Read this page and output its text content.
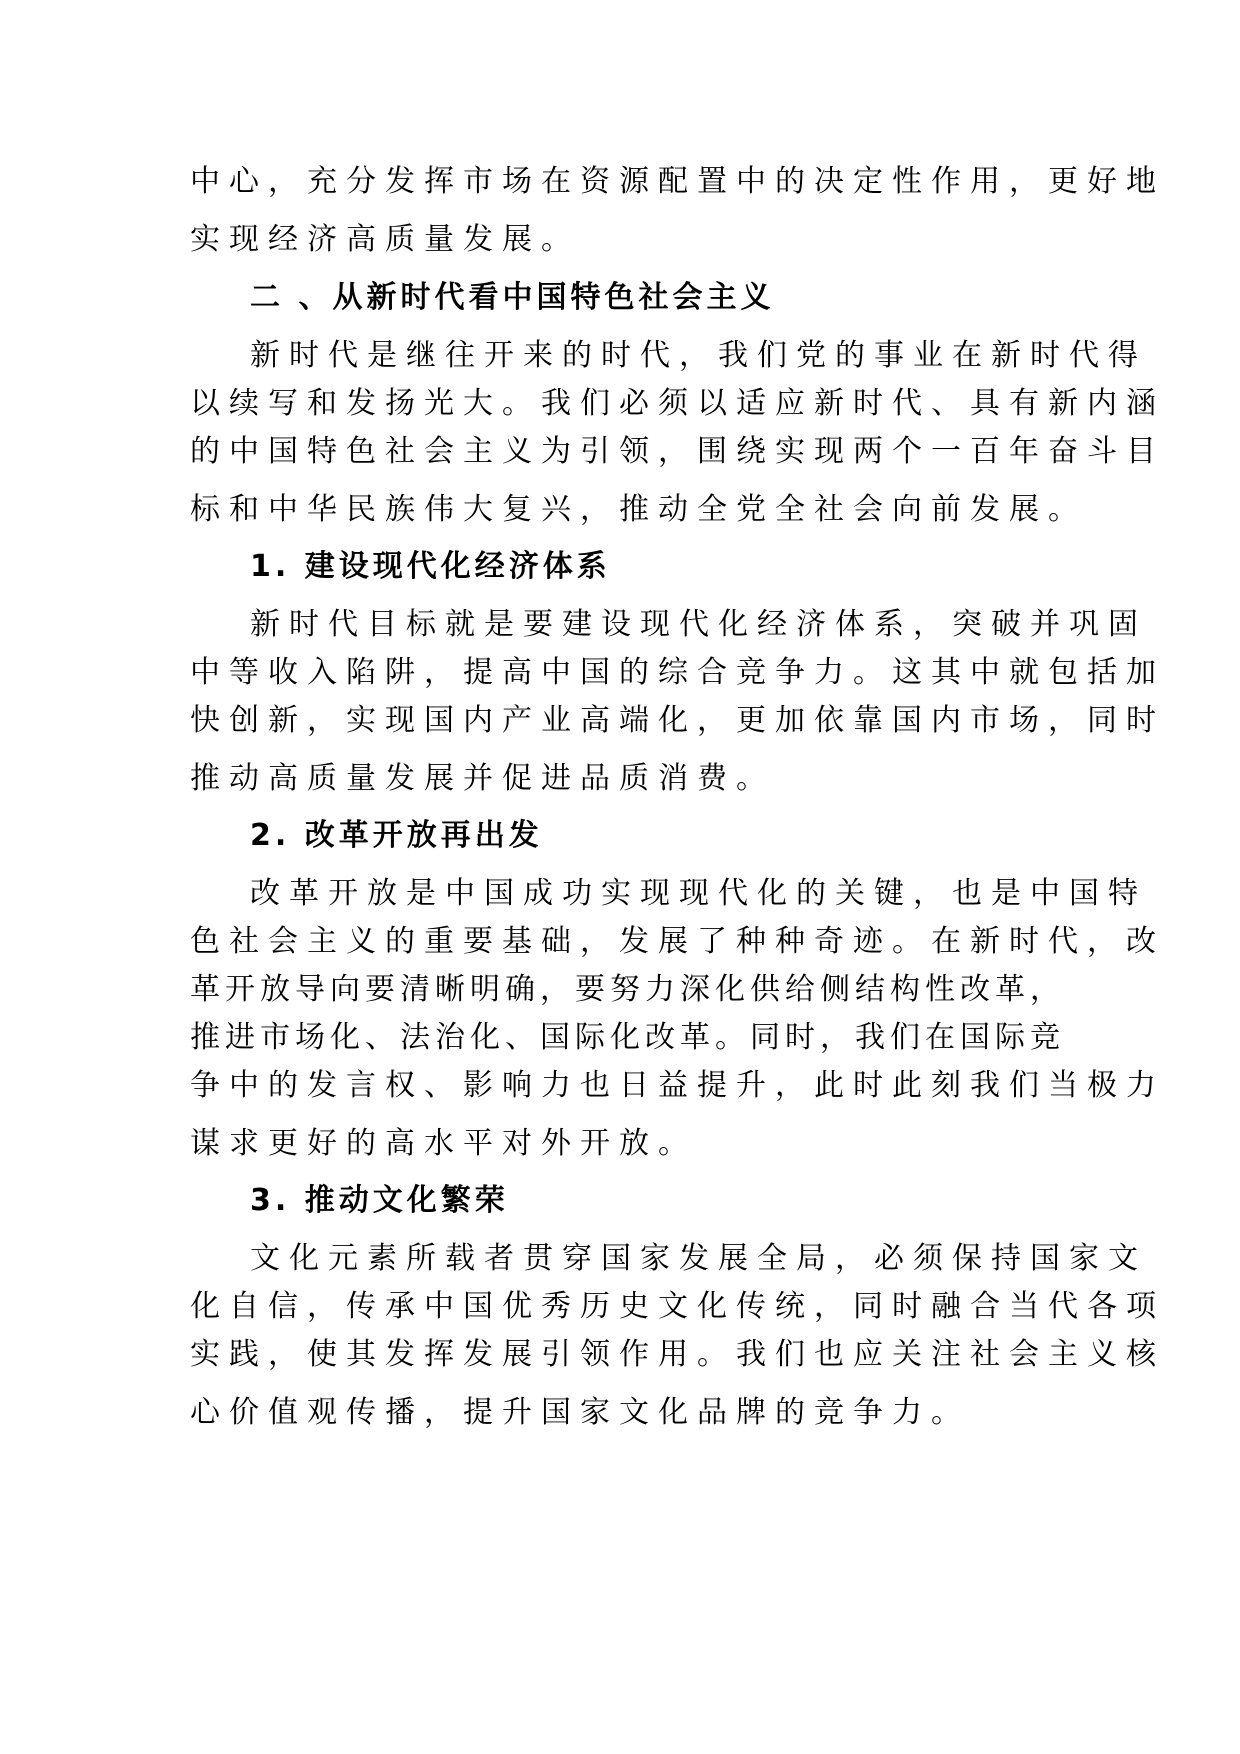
中心，充分发挥市场在资源配置中的决定性作用，更好地
实现经济高质量发展。
二 、从新时代看中国特色社会主义
新时代是继往开来的时代，我们党的事业在新时代得
以续写和发扬光大。我们必须以适应新时代、具有新内涵
的中国特色社会主义为引领，围绕实现两个一百年奋斗目
标和中华民族伟大复兴，推动全党全社会向前发展。
1. 建设现代化经济体系
新时代目标就是要建设现代化经济体系，突破并巩固
中等收入陷阱，提高中国的综合竞争力。这其中就包括加
快创新，实现国内产业高端化，更加依靠国内市场，同时
推动高质量发展并促进品质消费。
2. 改革开放再出发
改革开放是中国成功实现现代化的关键，也是中国特
色社会主义的重要基础，发展了种种奇迹。在新时代，改
革开放导向要清晰明确，要努力深化供给侧结构性改革，
推进市场化、法治化、国际化改革。同时，我们在国际竞
争中的发言权、影响力也日益提升，此时此刻我们当极力
谋求更好的高水平对外开放。
3. 推动文化繁荣
文化元素所载者贯穿国家发展全局，必须保持国家文
化自信，传承中国优秀历史文化传统，同时融合当代各项
实践，使其发挥发展引领作用。我们也应关注社会主义核
心价值观传播，提升国家文化品牌的竞争力。
